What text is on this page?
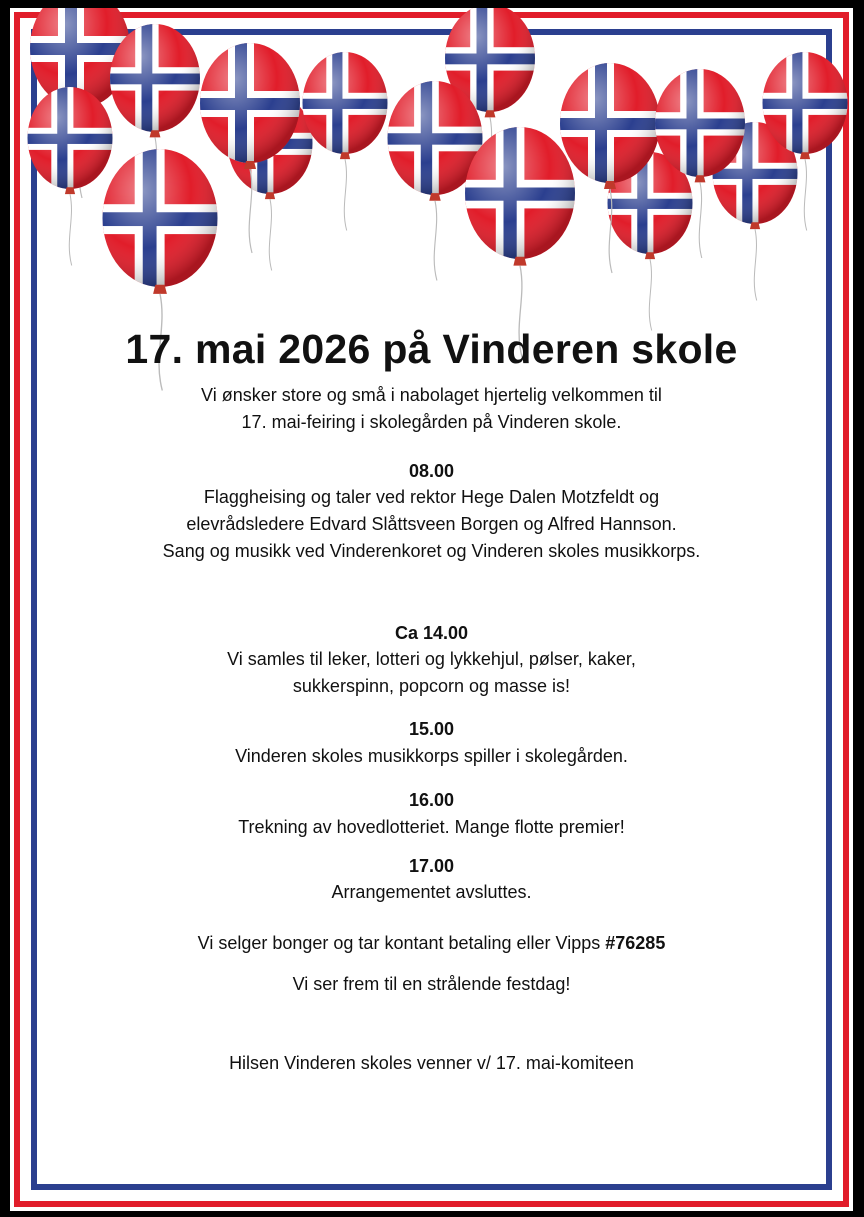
17. mai 2026 på Vinderen skole
Vi ønsker store og små i nabolaget hjertelig velkommen til
17. mai-feiring i skolegården på Vinderen skole.
08.00
Flaggheising og taler ved rektor Hege Dalen Motzfeldt og
elevrådsledere Edvard Slåttsveen Borgen og Alfred Hannson.
Sang og musikk ved Vinderenkoret og Vinderen skoles musikkorps.
Ca 14.00
Vi samles til leker, lotteri og lykkehjul, pølser, kaker,
sukkerspinn, popcorn og masse is!
15.00
Vinderen skoles musikkorps spiller i skolegården.
16.00
Trekning av hovedlotteriet. Mange flotte premier!
17.00
Arrangementet avsluttes.
Vi selger bonger og tar kontant betaling eller Vipps #76285
Vi ser frem til en strålende festdag!
Hilsen Vinderen skoles venner v/ 17. mai-komiteen
